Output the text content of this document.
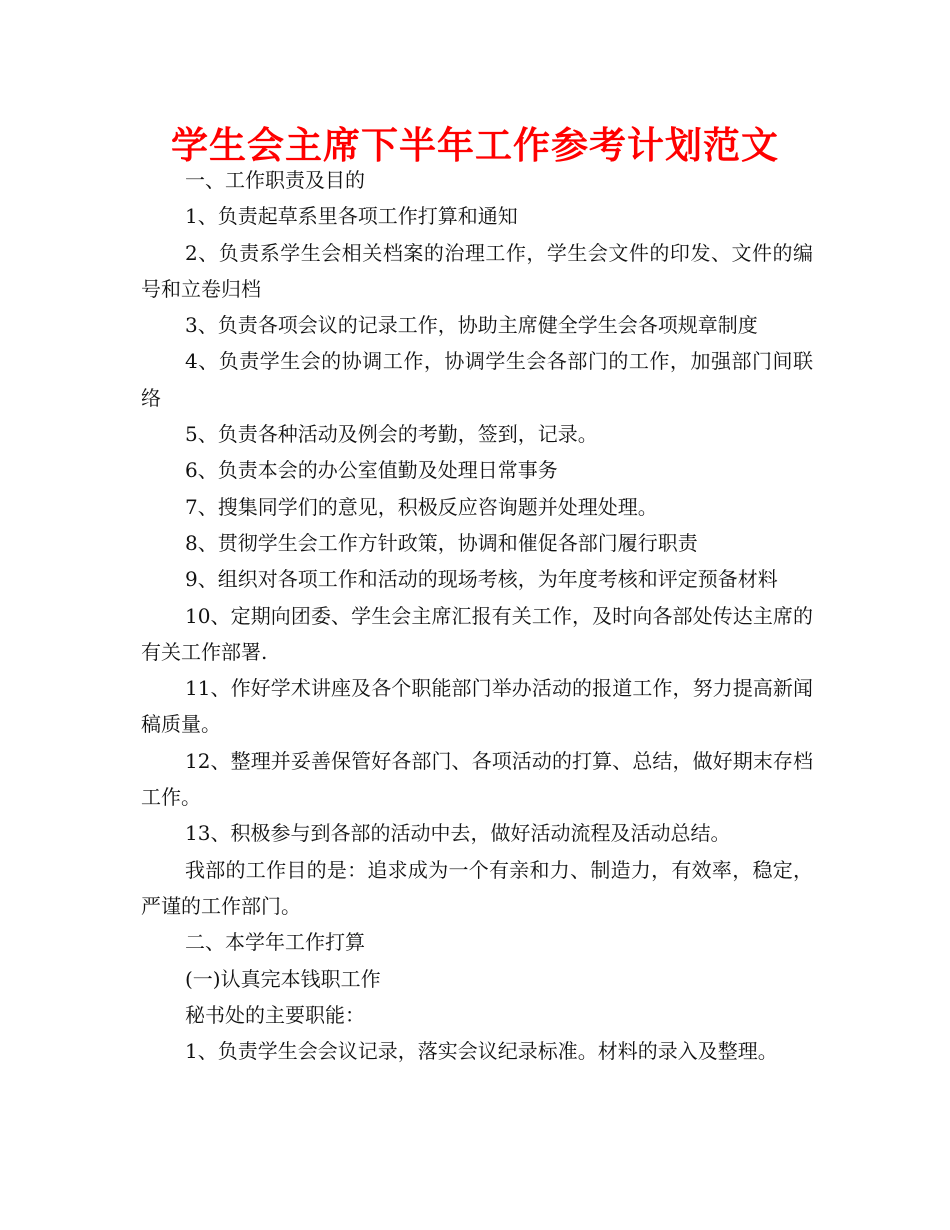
学生会主席下半年工作参考计划范文

一、工作职责及目的

1、负责起草系里各项工作打算和通知

2、负责系学生会相关档案的治理工作，学生会文件的印发、文件的编号和立卷归档

3、负责各项会议的记录工作，协助主席健全学生会各项规章制度

4、负责学生会的协调工作，协调学生会各部门的工作，加强部门间联络

5、负责各种活动及例会的考勤，签到，记录。

6、负责本会的办公室值勤及处理日常事务

7、搜集同学们的意见，积极反应咨询题并处理处理。

8、贯彻学生会工作方针政策，协调和催促各部门履行职责

9、组织对各项工作和活动的现场考核，为年度考核和评定预备材料

10、定期向团委、学生会主席汇报有关工作，及时向各部处传达主席的有关工作部署.

11、作好学术讲座及各个职能部门举办活动的报道工作，努力提高新闻稿质量。

12、整理并妥善保管好各部门、各项活动的打算、总结，做好期末存档工作。

13、积极参与到各部的活动中去，做好活动流程及活动总结。

我部的工作目的是：追求成为一个有亲和力、制造力，有效率，稳定，严谨的工作部门。

二、本学年工作打算

(一)认真完本钱职工作

秘书处的主要职能：

1、负责学生会会议记录，落实会议纪录标准。材料的录入及整理。
